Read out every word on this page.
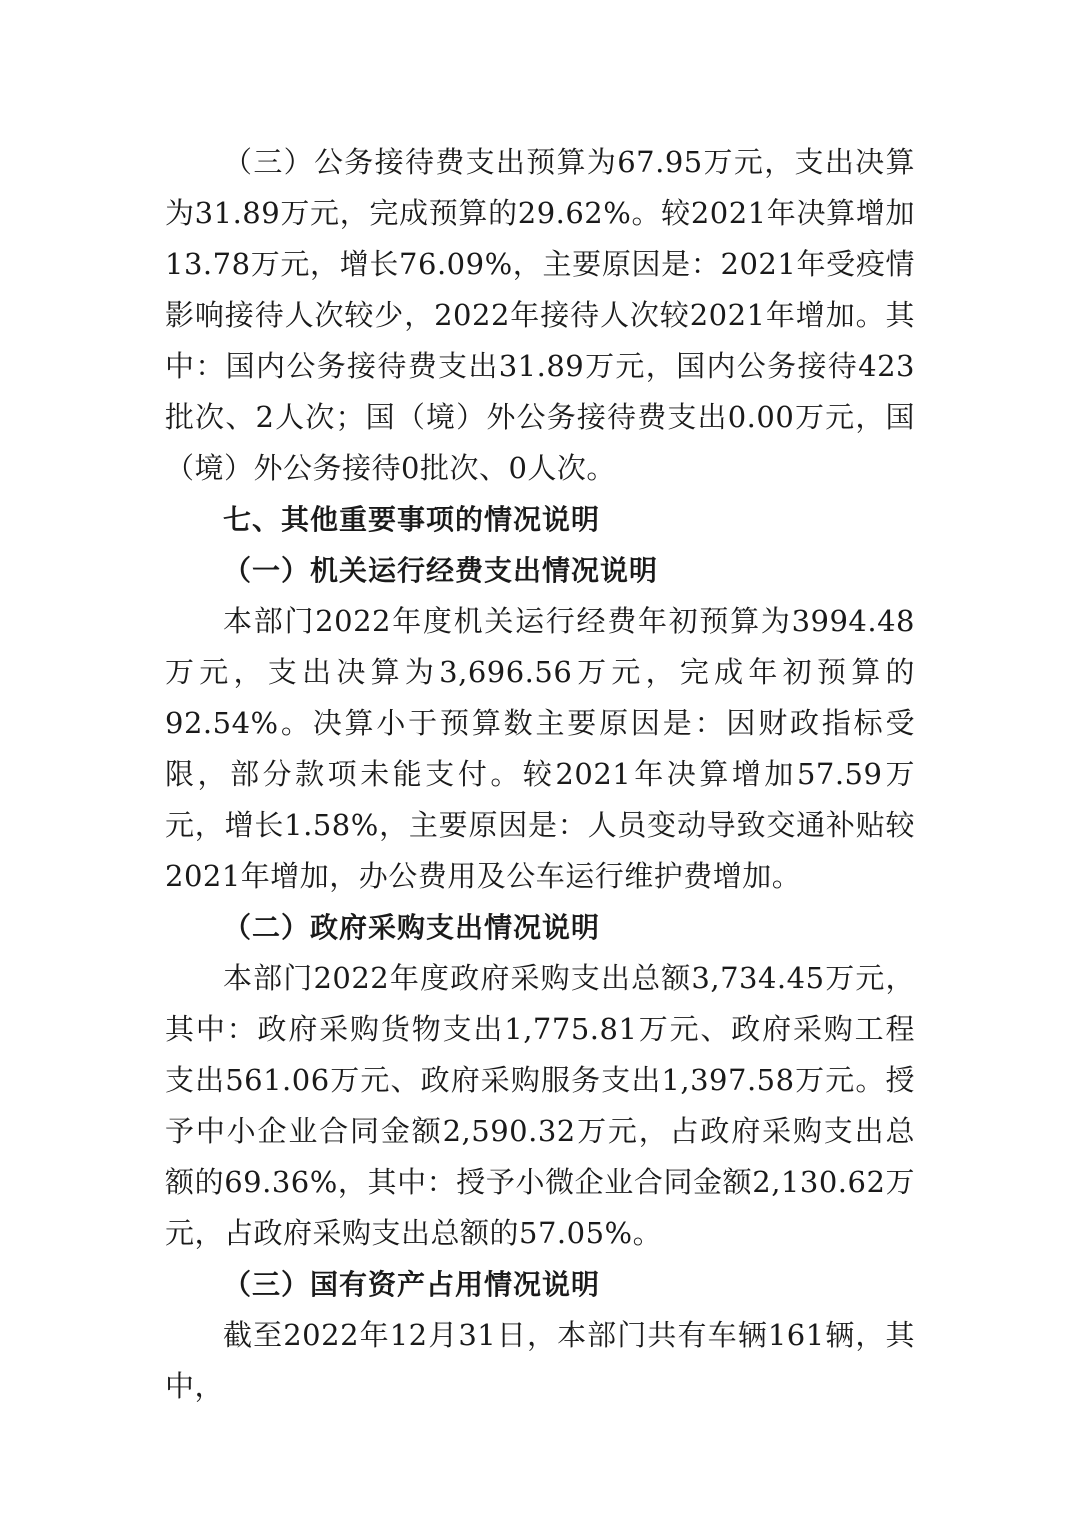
（三）公务接待费支出预算为67.95万元，支出决算为31.89万元，完成预算的29.62%。较2021年决算增加13.78万元，增长76.09%，主要原因是：2021年受疫情影响接待人次较少，2022年接待人次较2021年增加。其中：国内公务接待费支出31.89万元，国内公务接待423批次、2人次；国（境）外公务接待费支出0.00万元，国（境）外公务接待0批次、0人次。

七、其他重要事项的情况说明

（一）机关运行经费支出情况说明

本部门2022年度机关运行经费年初预算为3994.48万元，支出决算为3,696.56万元，完成年初预算的92.54%。决算小于预算数主要原因是：因财政指标受限，部分款项未能支付。较2021年决算增加57.59万元，增长1.58%，主要原因是：人员变动导致交通补贴较2021年增加，办公费用及公车运行维护费增加。

（二）政府采购支出情况说明

本部门2022年度政府采购支出总额3,734.45万元，其中：政府采购货物支出1,775.81万元、政府采购工程支出561.06万元、政府采购服务支出1,397.58万元。授予中小企业合同金额2,590.32万元，占政府采购支出总额的69.36%，其中：授予小微企业合同金额2,130.62万元，占政府采购支出总额的57.05%。

（三）国有资产占用情况说明

截至2022年12月31日，本部门共有车辆161辆，其中，
